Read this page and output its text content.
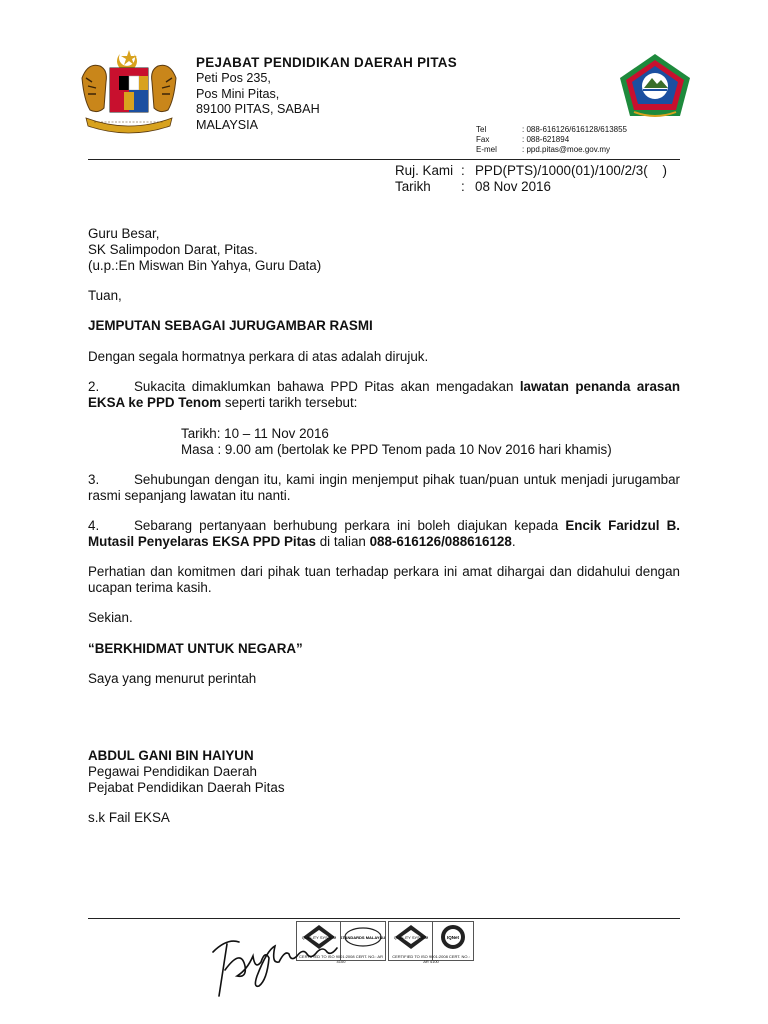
PEJABAT PENDIDIKAN DAERAH PITAS
Peti Pos 235,
Pos Mini Pitas,
89100 PITAS, SABAH
MALAYSIA	Tel	: 088-616126/616128/613855
Fax	: 088-621894
E-mel	: ppd.pitas@moe.gov.my
Ruj. Kami : PPD(PTS)/1000(01)/100/2/3(    )
Tarikh	: 08 Nov 2016
Guru Besar,
SK Salimpodon Darat, Pitas.
(u.p.:En Miswan Bin Yahya, Guru Data)
Tuan,
JEMPUTAN SEBAGAI JURUGAMBAR RASMI
Dengan segala hormatnya perkara di atas adalah dirujuk.
2.	Sukacita dimaklumkan bahawa PPD Pitas akan mengadakan lawatan penanda arasan EKSA ke PPD Tenom seperti tarikh tersebut:
Tarikh: 10 – 11 Nov 2016
Masa : 9.00 am (bertolak ke PPD Tenom pada 10 Nov 2016 hari khamis)
3.	Sehubungan dengan itu, kami ingin menjemput pihak tuan/puan untuk menjadi jurugambar rasmi sepanjang lawatan itu nanti.
4.	Sebarang pertanyaan berhubung perkara ini boleh diajukan kepada Encik Faridzul B. Mutasil Penyelaras EKSA PPD Pitas di talian 088-616126/088616128.
Perhatian dan komitmen dari pihak tuan terhadap perkara ini amat dihargai dan didahului dengan ucapan terima kasih.
Sekian.
“BERKHIDMAT UNTUK NEGARA”
Saya yang menurut perintah
ABDUL GANI BIN HAIYUN
Pegawai Pendidikan Daerah
Pejabat Pendidikan Daerah Pitas
s.k Fail EKSA
QUALITY SYSTEM STANDARDS MALAYSIA
CERTIFIED TO ISO 9001:2008 CERT. NO.: AR 4100
QUALITY SYSTEM	IQNet
CERTIFIED TO ISO 9001:2008 CERT. NO.: AR 4100
